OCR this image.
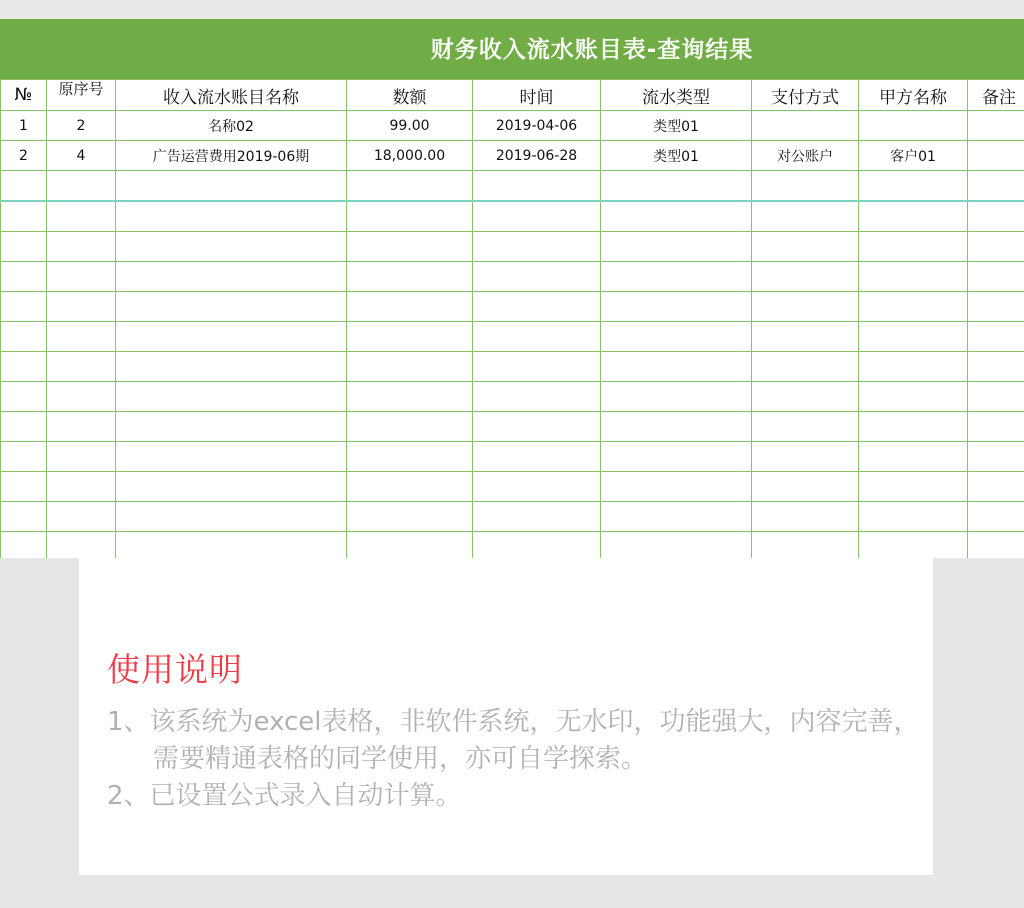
财务收入流水账目表-查询结果
№	原序号	收入流水账目名称	数额	时间	流水类型	支付方式	甲方名称	备注
1	2	名称02	99.00	2019-04-06	类型01			
2	4	广告运营费用2019-06期	18,000.00	2019-06-28	类型01	对公账户	客户01	

使用说明
1、该系统为excel表格，非软件系统，无水印，功能强大，内容完善，需要精通表格的同学使用，亦可自学探索。
2、已设置公式录入自动计算。
